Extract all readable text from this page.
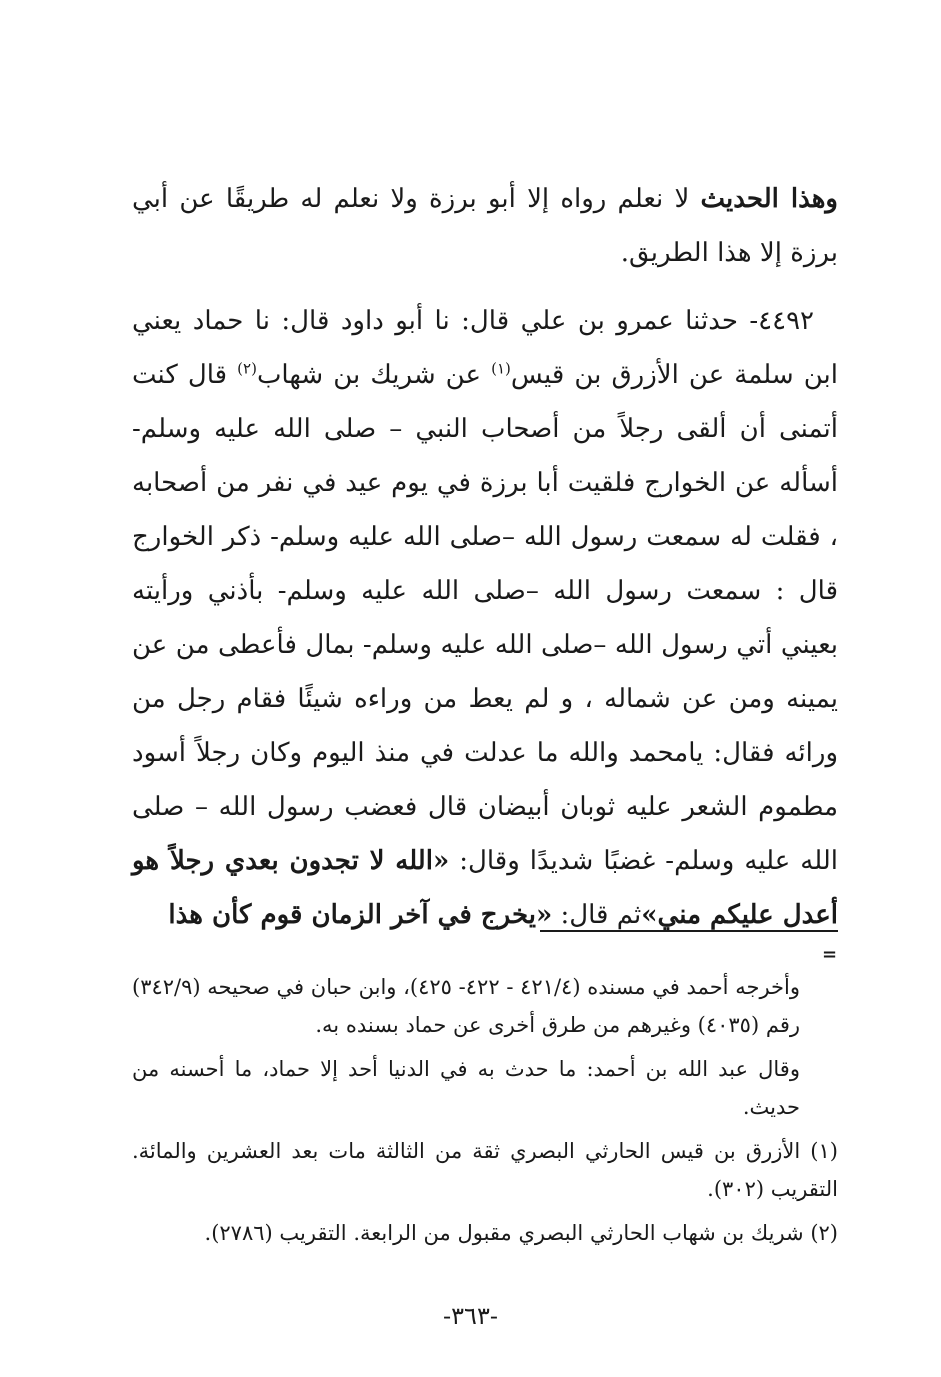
وهذا الحديث لا نعلم رواه إلا أبو برزة ولا نعلم له طريقًا عن أبي برزة إلا هذا الطريق.

٤٤٩٢- حدثنا عمرو بن علي قال: نا أبو داود قال: نا حماد يعني ابن سلمة عن الأزرق بن قيس$^{(١)}$ عن شريك بن شهاب$^{(٢)}$ قال كنت أتمنى أن ألقى رجلاً من أصحاب النبي – صلى الله عليه وسلم- أسأله عن الخوارج فلقيت أبا برزة في يوم عيد في نفر من أصحابه ، فقلت له سمعت رسول الله –صلى الله عليه وسلم- ذكر الخوارج قال : سمعت رسول الله –صلى الله عليه وسلم- بأذني ورأيته بعيني أتي رسول الله –صلى الله عليه وسلم- بمال فأعطى من عن يمينه ومن عن شماله ، و لم يعط من وراءه شيئًا فقام رجل من ورائه فقال: يامحمد والله ما عدلت في منذ اليوم وكان رجلاً أسود مطموم الشعر عليه ثوبان أبيضان قال فعضب رسول الله – صلى الله عليه وسلم- غضبًا شديدًا وقال: «الله لا تجدون بعدي رجلاً هو أعدل عليكم مني»ثم قال: «يخرج في آخر الزمان قوم كأن هذا

=

وأخرجه أحمد في مسنده (٤٢١/٤ - ٤٢٢- ٤٢٥)، وابن حبان في صحيحه (٣٤٢/٩) رقم (٤٠٣٥) وغيرهم من طرق أخرى عن حماد بسنده به.

وقال عبد الله بن أحمد: ما حدث به في الدنيا أحد إلا حماد، ما أحسنه من حديث.

(١) الأزرق بن قيس الحارثي البصري ثقة من الثالثة مات بعد العشرين والمائة. التقريب (٣٠٢).

(٢) شريك بن شهاب الحارثي البصري مقبول من الرابعة. التقريب (٢٧٨٦).

-٣٦٣-
